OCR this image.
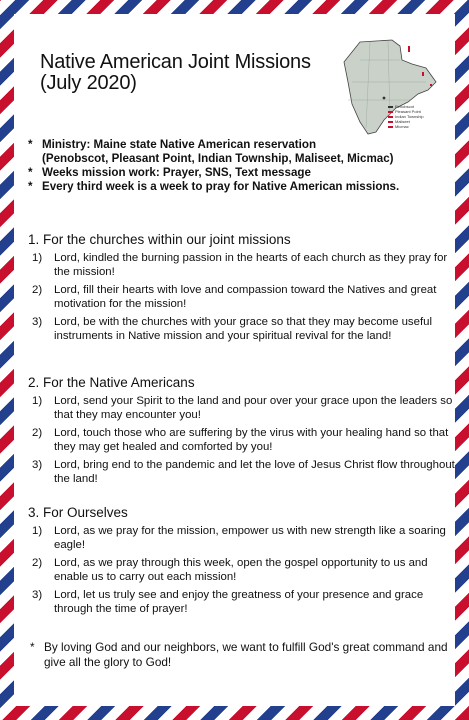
Native American Joint Missions
(July 2020)
Penobscot
Pleasant Point
Indian Township
Maliseet
Micmac
* Ministry: Maine state Native American reservation
(Penobscot, Pleasant Point, Indian Township, Maliseet, Micmac)
* Weeks mission work: Prayer, SNS, Text message
* Every third week is a week to pray for Native American missions.
1. For the churches within our joint missions
1) Lord, kindled the burning passion in the hearts of each church as they pray for the mission!
2) Lord, fill their hearts with love and compassion toward the Natives and great motivation for the mission!
3) Lord, be with the churches with your grace so that they may become useful instruments in Native mission and your spiritual revival for the land!
2. For the Native Americans
1) Lord, send your Spirit to the land and pour over your grace upon the leaders so that they may encounter you!
2) Lord, touch those who are suffering by the virus with your healing hand so that they may get healed and comforted by you!
3) Lord, bring end to the pandemic and let the love of Jesus Christ flow throughout the land!
3. For Ourselves
1) Lord, as we pray for the mission, empower us with new strength like a soaring eagle!
2) Lord, as we pray through this week, open the gospel opportunity to us and enable us to carry out each mission!
3) Lord, let us truly see and enjoy the greatness of your presence and grace through the time of prayer!
* By loving God and our neighbors, we want to fulfill God's great command and give all the glory to God!
